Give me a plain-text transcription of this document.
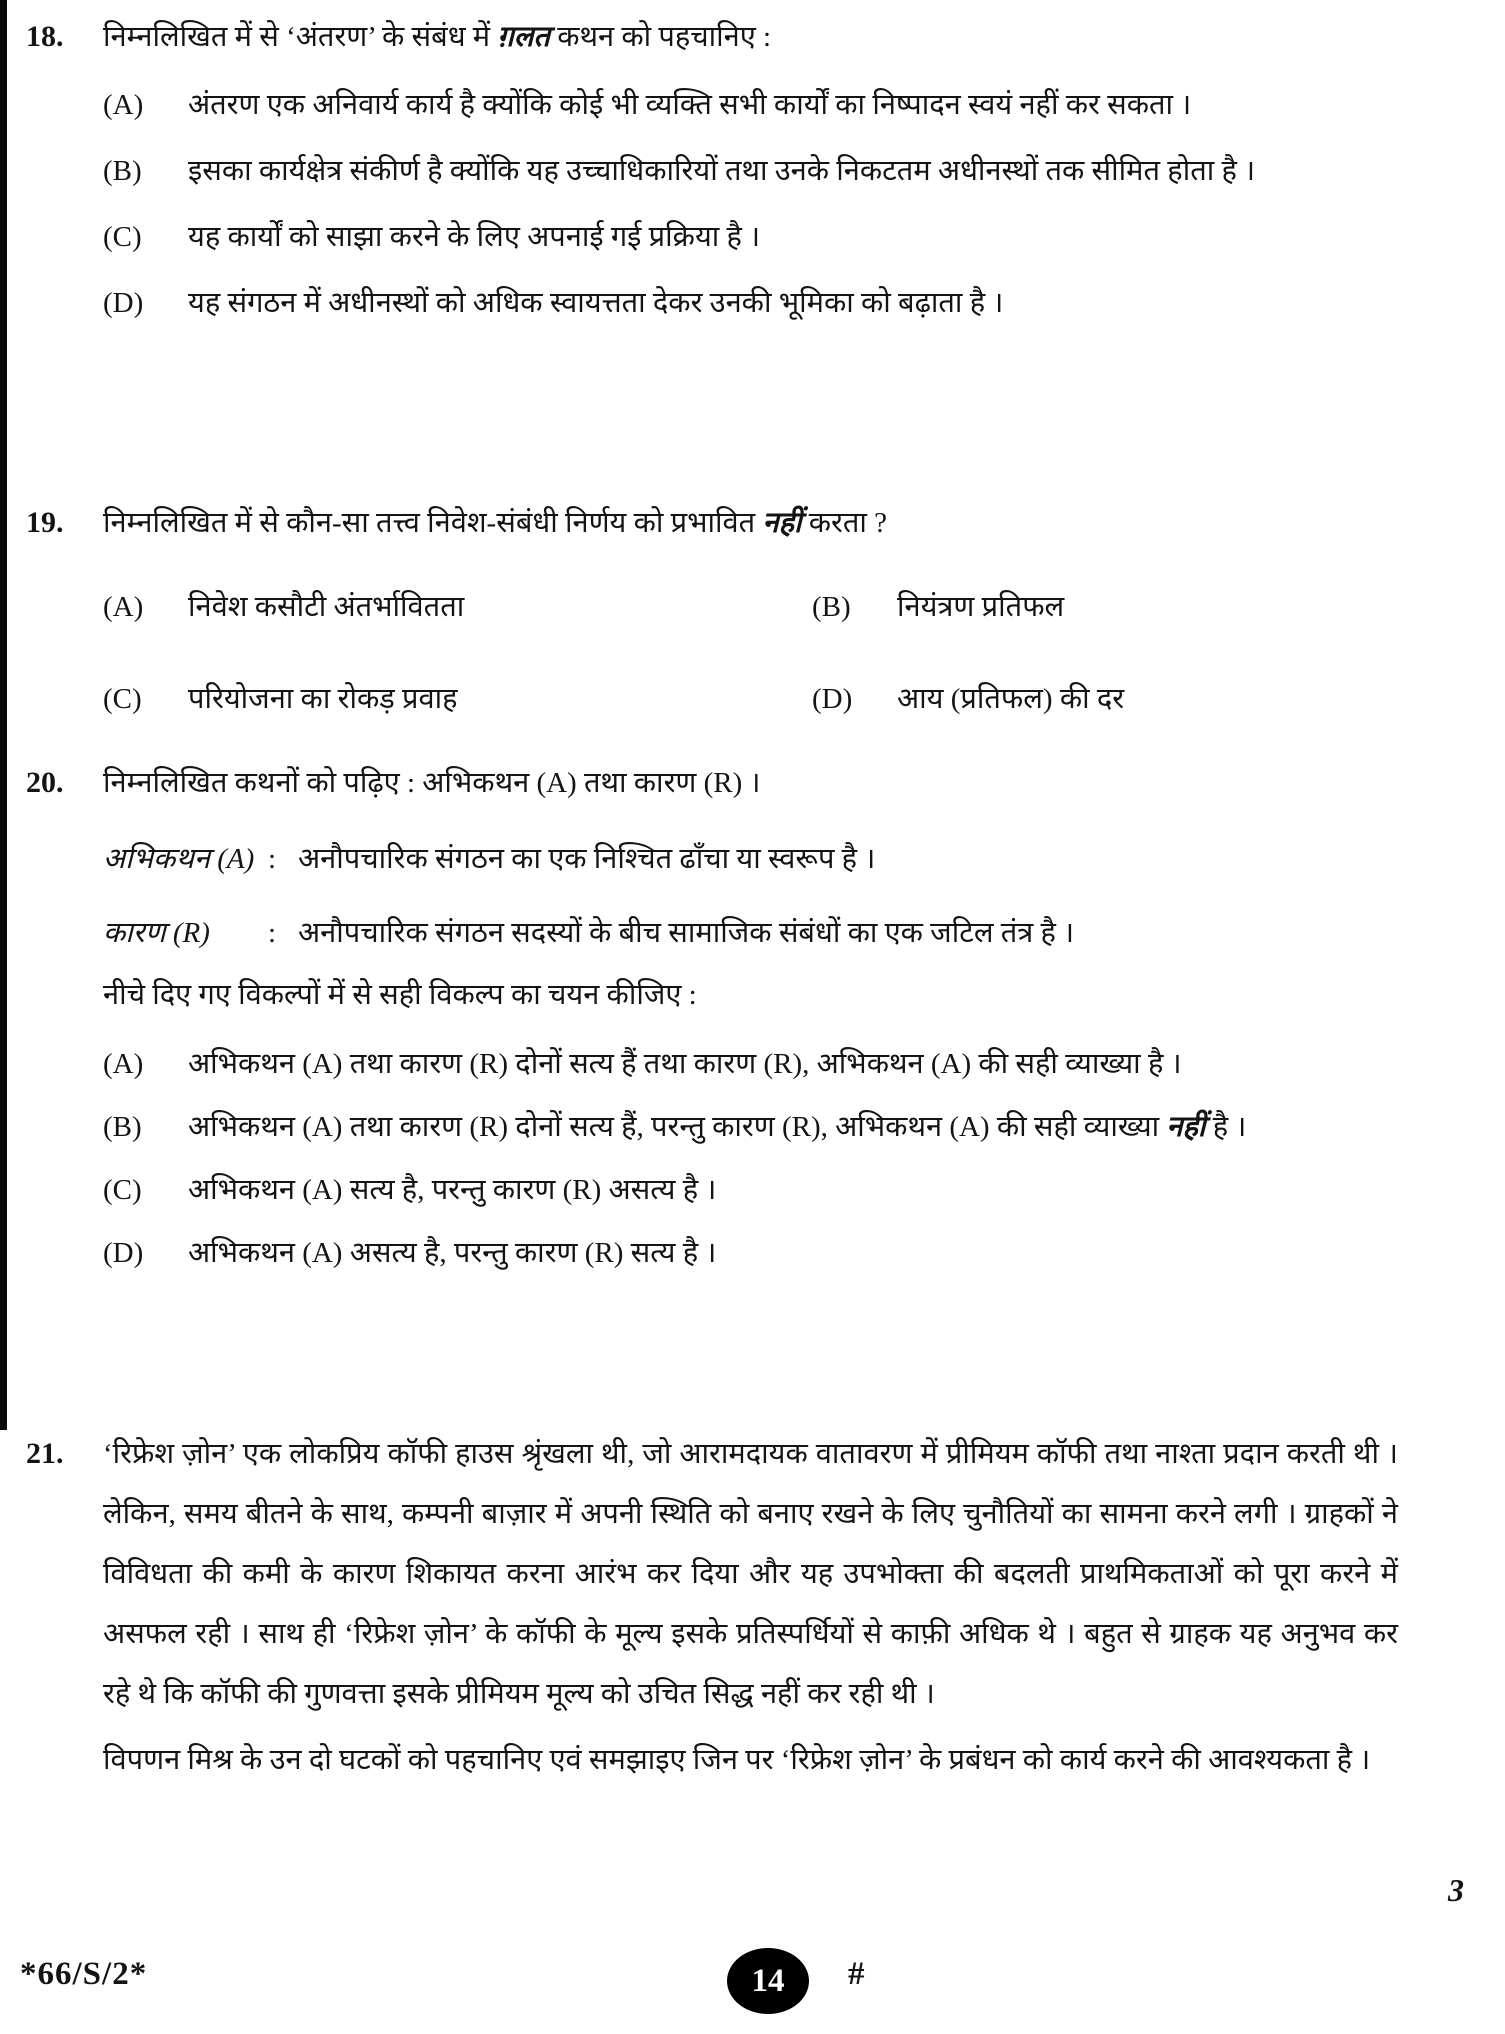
18.	निम्नलिखित में से ‘अंतरण’ के संबंध में ग़लत कथन को पहचानिए :
(A)	अंतरण एक अनिवार्य कार्य है क्योंकि कोई भी व्यक्ति सभी कार्यों का निष्पादन स्वयं नहीं कर सकता ।
(B)	इसका कार्यक्षेत्र संकीर्ण है क्योंकि यह उच्चाधिकारियों तथा उनके निकटतम अधीनस्थों तक सीमित होता है ।
(C)	यह कार्यों को साझा करने के लिए अपनाई गई प्रक्रिया है ।
(D)	यह संगठन में अधीनस्थों को अधिक स्वायत्तता देकर उनकी भूमिका को बढ़ाता है ।
19.	निम्नलिखित में से कौन-सा तत्त्व निवेश-संबंधी निर्णय को प्रभावित नहीं करता ?
(A)	निवेश कसौटी अंतर्भावितता	(B)	नियंत्रण प्रतिफल
(C)	परियोजना का रोकड़ प्रवाह	(D)	आय (प्रतिफल) की दर
20.	निम्नलिखित कथनों को पढ़िए : अभिकथन (A) तथा कारण (R) ।
अभिकथन (A) : अनौपचारिक संगठन का एक निश्चित ढाँचा या स्वरूप है ।
कारण (R)	: अनौपचारिक संगठन सदस्यों के बीच सामाजिक संबंधों का एक जटिल तंत्र है ।
नीचे दिए गए विकल्पों में से सही विकल्प का चयन कीजिए :
(A)	अभिकथन (A) तथा कारण (R) दोनों सत्य हैं तथा कारण (R), अभिकथन (A) की सही व्याख्या है ।
(B)	अभिकथन (A) तथा कारण (R) दोनों सत्य हैं, परन्तु कारण (R), अभिकथन (A) की सही व्याख्या नहीं है ।
(C)	अभिकथन (A) सत्य है, परन्तु कारण (R) असत्य है ।
(D)	अभिकथन (A) असत्य है, परन्तु कारण (R) सत्य है ।
21.	‘रिफ्रेश ज़ोन’ एक लोकप्रिय कॉफी हाउस श्रृंखला थी, जो आरामदायक वातावरण में प्रीमियम कॉफी तथा नाश्ता प्रदान करती थी । लेकिन, समय बीतने के साथ, कम्पनी बाज़ार में अपनी स्थिति को बनाए रखने के लिए चुनौतियों का सामना करने लगी । ग्राहकों ने विविधता की कमी के कारण शिकायत करना आरंभ कर दिया और यह उपभोक्ता की बदलती प्राथमिकताओं को पूरा करने में असफल रही । साथ ही ‘रिफ्रेश ज़ोन’ के कॉफी के मूल्य इसके प्रतिस्पर्धियों से काफ़ी अधिक थे । बहुत से ग्राहक यह अनुभव कर रहे थे कि कॉफी की गुणवत्ता इसके प्रीमियम मूल्य को उचित सिद्ध नहीं कर रही थी ।
विपणन मिश्र के उन दो घटकों को पहचानिए एवं समझाइए जिन पर ‘रिफ्रेश ज़ोन’ के प्रबंधन को कार्य करने की आवश्यकता है ।
3
*66/S/2*	14	#
